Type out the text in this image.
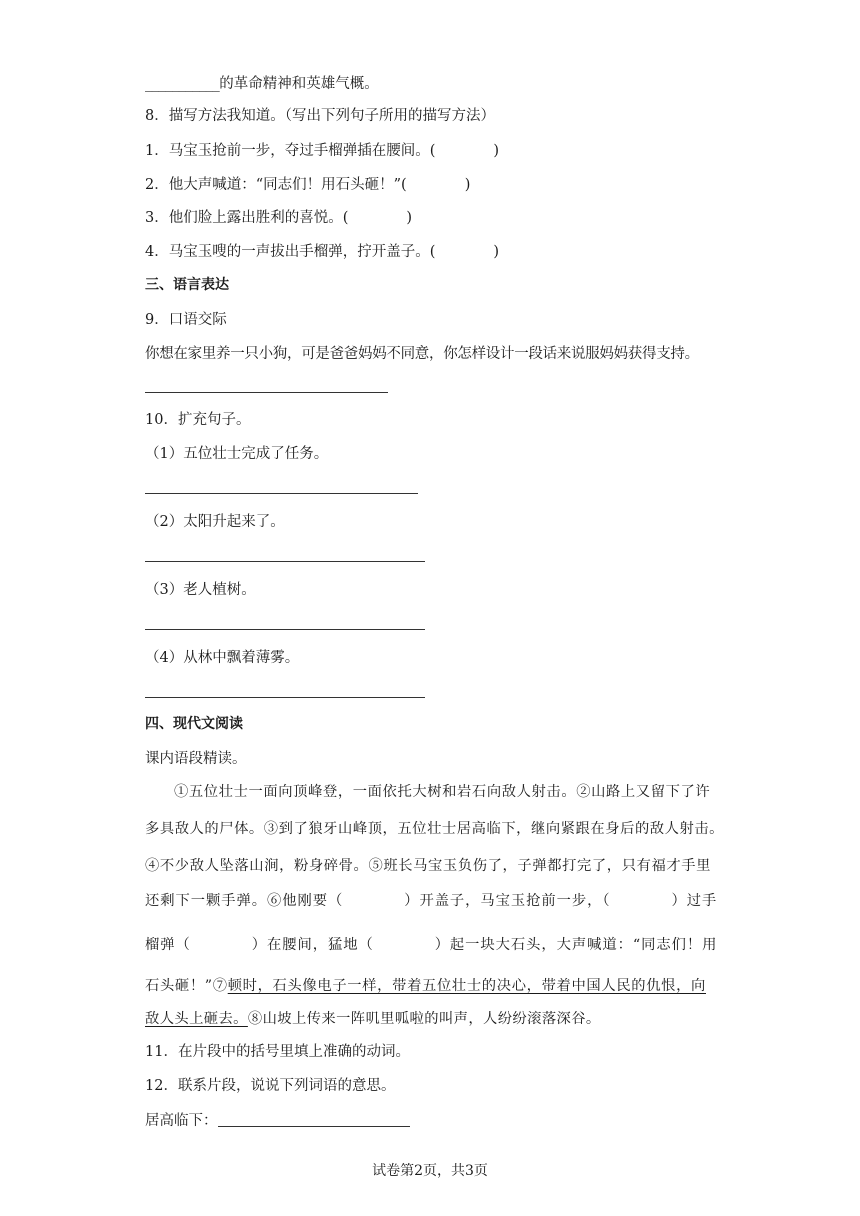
___________的革命精神和英雄气概。
8．描写方法我知道。（写出下列句子所用的描写方法）
1．马宝玉抢前一步，夺过手榴弹插在腰间。(　　　　)
2．他大声喊道：“同志们！用石头砸！”(　　　　)
3．他们脸上露出胜利的喜悦。(　　　　)
4．马宝玉嗖的一声拔出手榴弹，拧开盖子。(　　　　)
三、语言表达
9．口语交际
你想在家里养一只小狗，可是爸爸妈妈不同意，你怎样设计一段话来说服妈妈获得支持。
10．扩充句子。
（1）五位壮士完成了任务。
（2）太阳升起来了。
（3）老人植树。
（4）从林中飘着薄雾。
四、现代文阅读
课内语段精读。
①五位壮士一面向顶峰登，一面依托大树和岩石向敌人射击。②山路上又留下了许
多具敌人的尸体。③到了狼牙山峰顶，五位壮士居高临下，继向紧跟在身后的敌人射击。
④不少敌人坠落山涧，粉身碎骨。⑤班长马宝玉负伤了，子弹都打完了，只有福才手里
还剩下一颗手弹。⑥他刚要（　　　　）开盖子，马宝玉抢前一步，（　　　　）过手
榴弹（　　　　）在腰间，猛地（　　　　）起一块大石头，大声喊道：“同志们！用
石头砸！”⑦顿时，石头像电子一样，带着五位壮士的决心，带着中国人民的仇恨，向
敌人头上砸去。⑧山坡上传来一阵叽里呱啦的叫声，人纷纷滚落深谷。
11．在片段中的括号里填上准确的动词。
12．联系片段，说说下列词语的意思。
居高临下：
试卷第2页，共3页
